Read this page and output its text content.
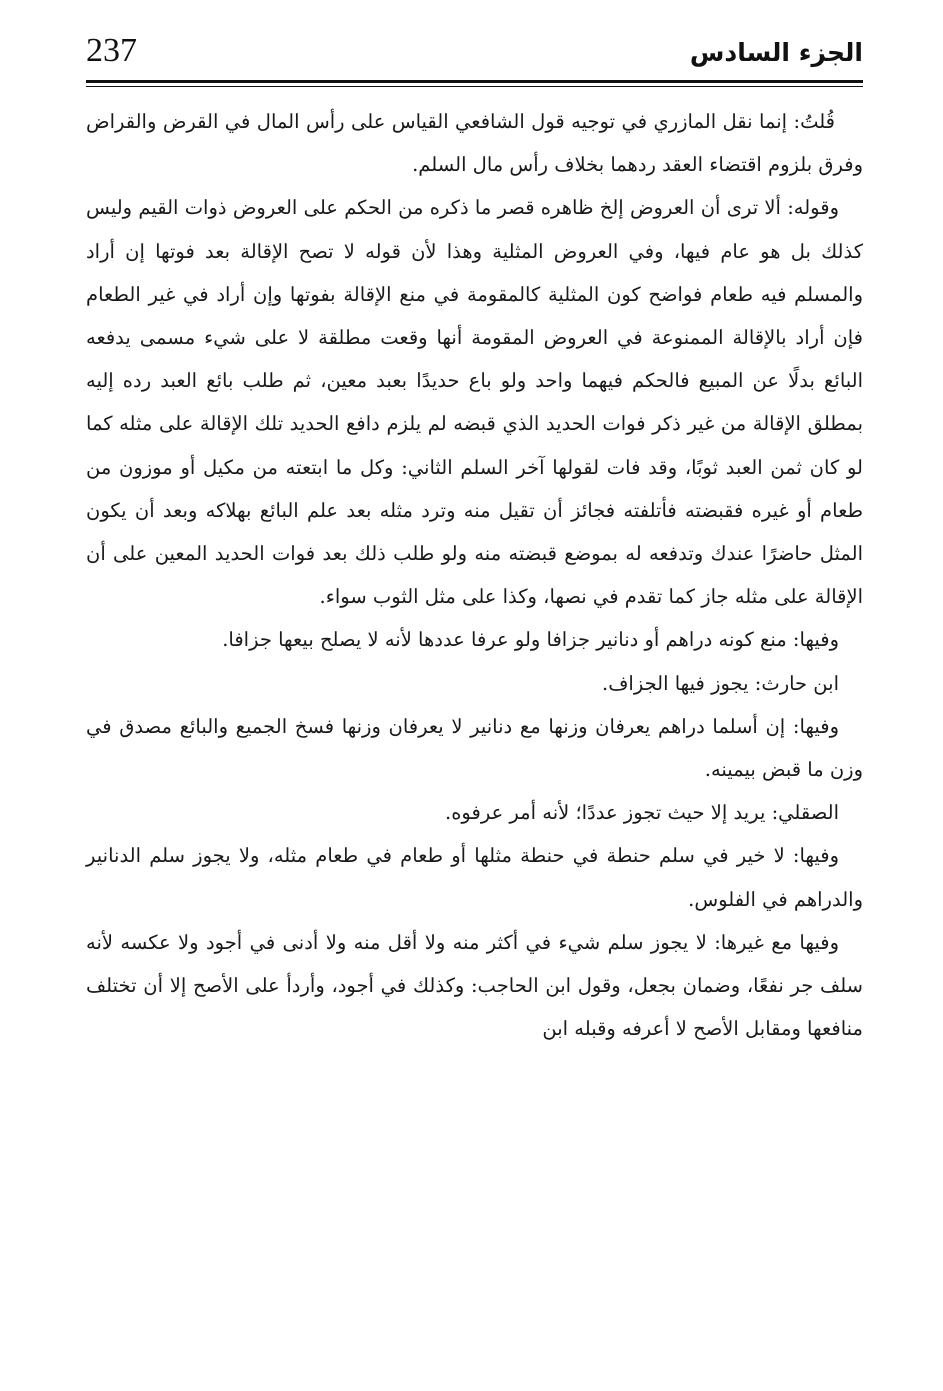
237	الجزء السادس

قُلتُ: إنما نقل المازري في توجيه قول الشافعي القياس على رأس المال في القرض والقراض وفرق بلزوم اقتضاء العقد ردهما بخلاف رأس مال السلم.

وقوله: ألا ترى أن العروض إلخ ظاهره قصر ما ذكره من الحكم على العروض ذوات القيم وليس كذلك بل هو عام فيها، وفي العروض المثلية وهذا لأن قوله لا تصح الإقالة بعد فوتها إن أراد والمسلم فيه طعام فواضح كون المثلية كالمقومة في منع الإقالة بفوتها وإن أراد في غير الطعام فإن أراد بالإقالة الممنوعة في العروض المقومة أنها وقعت مطلقة لا على شيء مسمى يدفعه البائع بدلًا عن المبيع فالحكم فيهما واحد ولو باع حديدًا بعبد معين، ثم طلب بائع العبد رده إليه بمطلق الإقالة من غير ذكر فوات الحديد الذي قبضه لم يلزم دافع الحديد تلك الإقالة على مثله كما لو كان ثمن العبد ثوبًا، وقد فات لقولها آخر السلم الثاني: وكل ما ابتعته من مكيل أو موزون من طعام أو غيره فقبضته فأتلفته فجائز أن تقيل منه وترد مثله بعد علم البائع بهلاكه وبعد أن يكون المثل حاضرًا عندك وتدفعه له بموضع قبضته منه ولو طلب ذلك بعد فوات الحديد المعين على أن الإقالة على مثله جاز كما تقدم في نصها، وكذا على مثل الثوب سواء.

وفيها: منع كونه دراهم أو دنانير جزافا ولو عرفا عددها لأنه لا يصلح بيعها جزافا.

ابن حارث: يجوز فيها الجزاف.

وفيها: إن أسلما دراهم يعرفان وزنها مع دنانير لا يعرفان وزنها فسخ الجميع والبائع مصدق في وزن ما قبض بيمينه.

الصقلي: يريد إلا حيث تجوز عددًا؛ لأنه أمر عرفوه.

وفيها: لا خير في سلم حنطة في حنطة مثلها أو طعام في طعام مثله، ولا يجوز سلم الدنانير والدراهم في الفلوس.

وفيها مع غيرها: لا يجوز سلم شيء في أكثر منه ولا أقل منه ولا أدنى في أجود ولا عكسه لأنه سلف جر نفعًا، وضمان بجعل، وقول ابن الحاجب: وكذلك في أجود، وأردأ على الأصح إلا أن تختلف منافعها ومقابل الأصح لا أعرفه وقبله ابن
